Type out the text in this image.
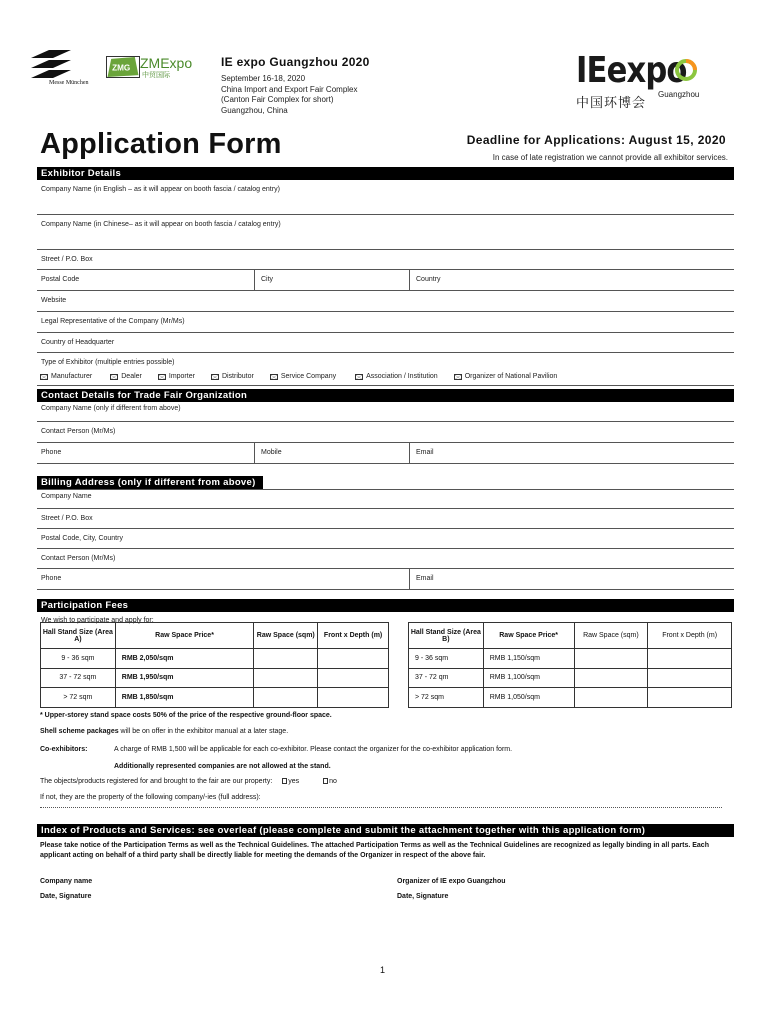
Messe München
ZMG ZMExpo
中贸国际
IE expo Guangzhou 2020
September 16-18, 2020
China Import and Export Fair Complex
(Canton Fair Complex for short)
Guangzhou, China
IEexpo
中国环博会
Guangzhou
Application Form	Deadline for Applications: August 15, 2020
In case of late registration we cannot provide all exhibitor services.
Exhibitor Details
Company Name (in English – as it will appear on booth fascia / catalog entry)
Company Name (in Chinese– as it will appear on booth fascia / catalog entry)
Street / P.O. Box
Postal Code	City	Country
Website
Legal Representative of the Company (Mr/Ms)
Country of Headquarter
Type of Exhibitor (multiple entries possible)
Manufacturer	Dealer	Importer	Distributor	Service Company	Association / Institution	Organizer of National Pavilion
Contact Details for Trade Fair Organization
Company Name (only if different from above)
Contact Person (Mr/Ms)
Phone	Mobile	Email
Billing Address (only if different from above)
Company Name
Street / P.O. Box
Postal Code, City, Country
Contact Person (Mr/Ms)
Phone	Email
Participation Fees
We wish to participate and apply for:
Hall Stand Size (Area A)	Raw Space Price*	Raw Space (sqm)	Front x Depth (m)
9 - 36 sqm	RMB 2,050/sqm		
37 - 72 sqm	RMB 1,950/sqm		
> 72 sqm	RMB 1,850/sqm		
Hall Stand Size (Area B)	Raw Space Price*	Raw Space (sqm)	Front x Depth (m)
9 - 36 sqm	RMB 1,150/sqm		
37 - 72 qm	RMB 1,100/sqm		
> 72 sqm	RMB 1,050/sqm		
* Upper-storey stand space costs 50% of the price of the respective ground-floor space.
Shell scheme packages will be on offer in the exhibitor manual at a later stage.
Co-exhibitors:	A charge of RMB 1,500 will be applicable for each co-exhibitor. Please contact the organizer for the co-exhibitor application form.
Additionally represented companies are not allowed at the stand.
The objects/products registered for and brought to the fair are our property: yes	no
If not, they are the property of the following company/-ies (full address):
Index of Products and Services: see overleaf (please complete and submit the attachment together with this application form)
Please take notice of the Participation Terms as well as the Technical Guidelines. The attached Participation Terms as well as the Technical Guidelines are recognized as legally binding in all parts. Each applicant acting on behalf of a third party shall be directly liable for meeting the demands of the Organizer in respect of the above fair.
Company name
Date, Signature
Organizer of IE expo Guangzhou
Date, Signature
1
